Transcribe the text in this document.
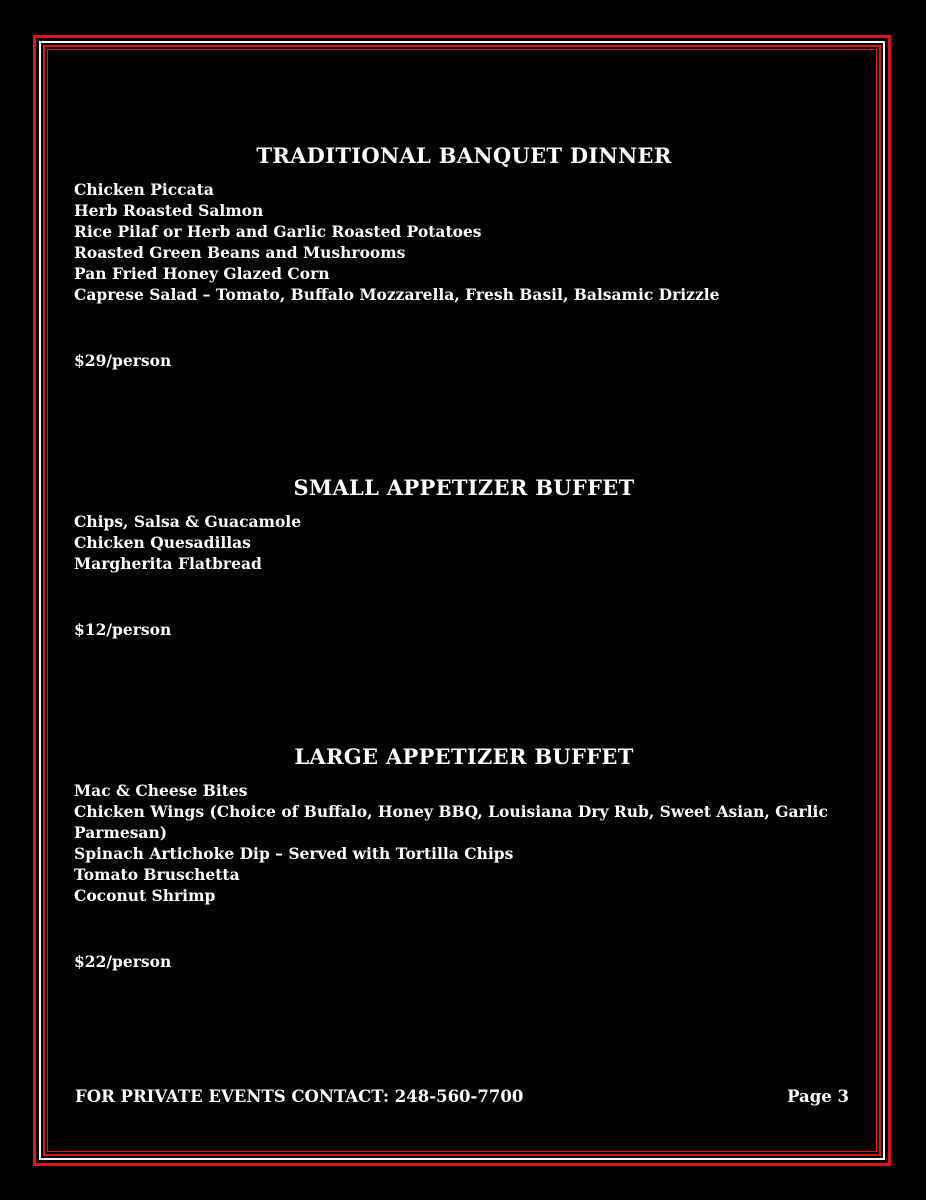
TRADITIONAL BANQUET DINNER
Chicken Piccata
Herb Roasted Salmon
Rice Pilaf or Herb and Garlic Roasted Potatoes
Roasted Green Beans and Mushrooms
Pan Fried Honey Glazed Corn
Caprese Salad – Tomato, Buffalo Mozzarella, Fresh Basil, Balsamic Drizzle
$29/person
SMALL APPETIZER BUFFET
Chips, Salsa & Guacamole
Chicken Quesadillas
Margherita Flatbread
$12/person
LARGE APPETIZER BUFFET
Mac & Cheese Bites
Chicken Wings (Choice of Buffalo, Honey BBQ, Louisiana Dry Rub, Sweet Asian, Garlic Parmesan)
Spinach Artichoke Dip – Served with Tortilla Chips
Tomato Bruschetta
Coconut Shrimp
$22/person
FOR PRIVATE EVENTS CONTACT: 248-560-7700	Page 3
